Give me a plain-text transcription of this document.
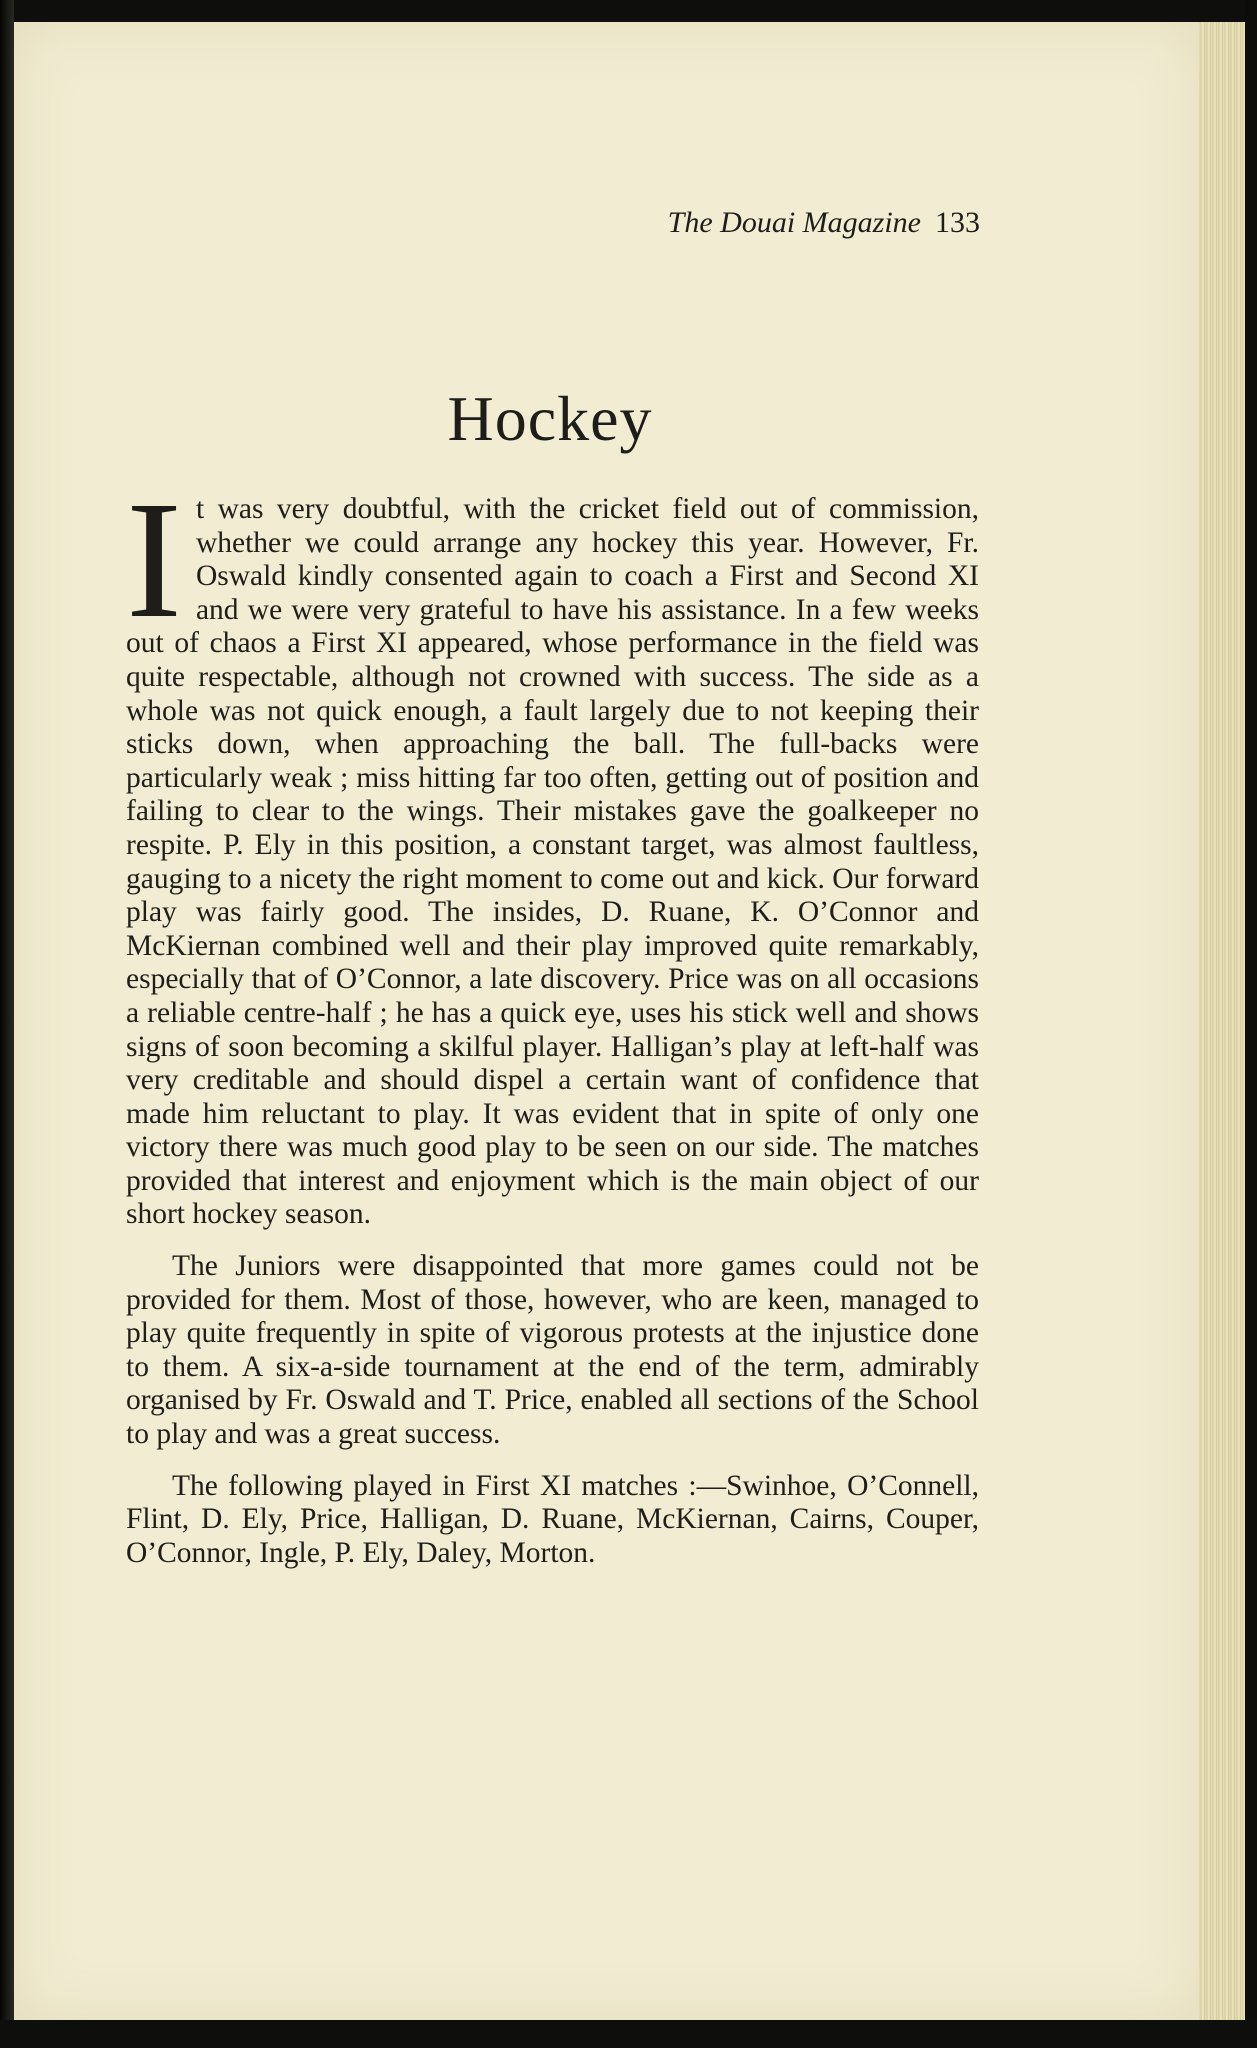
The Douai Magazine 133
Hockey

It was very doubtful, with the cricket field out of commission, whether we could arrange any hockey this year. However, Fr. Oswald kindly consented again to coach a First and Second XI and we were very grateful to have his assistance. In a few weeks out of chaos a First XI appeared, whose performance in the field was quite respectable, although not crowned with success. The side as a whole was not quick enough, a fault largely due to not keeping their sticks down, when approaching the ball. The full-backs were particularly weak ; miss hitting far too often, getting out of position and failing to clear to the wings. Their mistakes gave the goalkeeper no respite. P. Ely in this position, a constant target, was almost faultless, gauging to a nicety the right moment to come out and kick. Our forward play was fairly good. The insides, D. Ruane, K. O’Connor and McKiernan combined well and their play improved quite remarkably, especially that of O’Connor, a late discovery. Price was on all occasions a reliable centre-half ; he has a quick eye, uses his stick well and shows signs of soon becoming a skilful player. Halligan’s play at left-half was very creditable and should dispel a certain want of confidence that made him reluctant to play. It was evident that in spite of only one victory there was much good play to be seen on our side. The matches provided that interest and enjoyment which is the main object of our short hockey season.

The Juniors were disappointed that more games could not be provided for them. Most of those, however, who are keen, managed to play quite frequently in spite of vigorous protests at the injustice done to them. A six-a-side tournament at the end of the term, admirably organised by Fr. Oswald and T. Price, enabled all sections of the School to play and was a great success.

The following played in First XI matches :—Swinhoe, O’Connell, Flint, D. Ely, Price, Halligan, D. Ruane, McKiernan, Cairns, Couper, O’Connor, Ingle, P. Ely, Daley, Morton.
